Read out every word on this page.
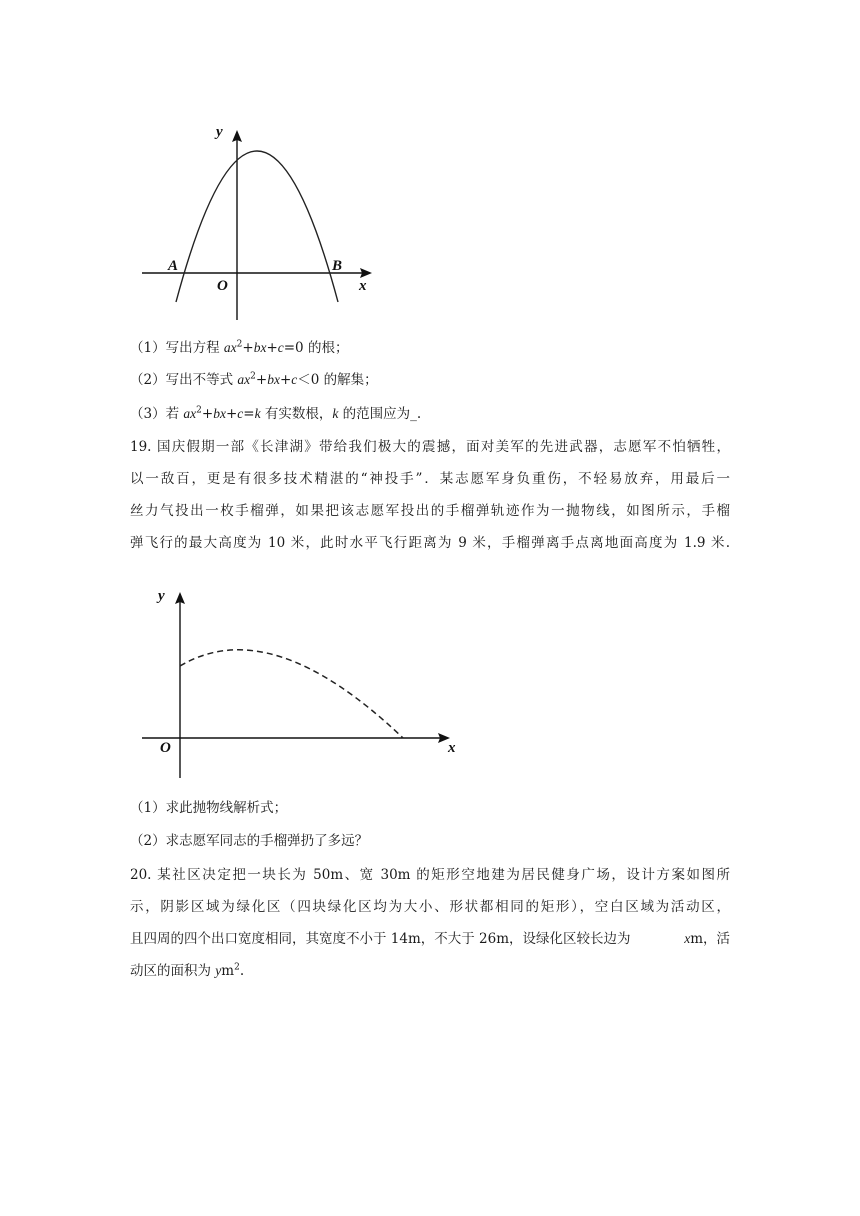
y
x
O
A	B
（1）写出方程 $ax^2+bx+c=0$ 的根；
（2）写出不等式 $ax^2+bx+c<0$ 的解集；
（3）若 $ax^2+bx+c=k$ 有实数根，k 的范围应为_.
19. 国庆假期一部《长津湖》带给我们极大的震撼，面对美军的先进武器，志愿军不怕牺牲，
以一敌百，更是有很多技术精湛的“神投手”．某志愿军身负重伤，不轻易放弃，用最后一
丝力气投出一枚手榴弹，如果把该志愿军投出的手榴弹轨迹作为一抛物线，如图所示，手榴
弹飞行的最大高度为 10 米，此时水平飞行距离为 9 米，手榴弹离手点离地面高度为 1.9 米.
y
x
O
（1）求此抛物线解析式；
（2）求志愿军同志的手榴弹扔了多远？
20. 某社区决定把一块长为 50m、宽 30m 的矩形空地建为居民健身广场，设计方案如图所
示，阴影区域为绿化区（四块绿化区均为大小、形状都相同的矩形），空白区域为活动区，
且四周的四个出口宽度相同，其宽度不小于 14m，不大于 26m，设绿化区较长边为	xm，活
动区的面积为 $ym^2$.
